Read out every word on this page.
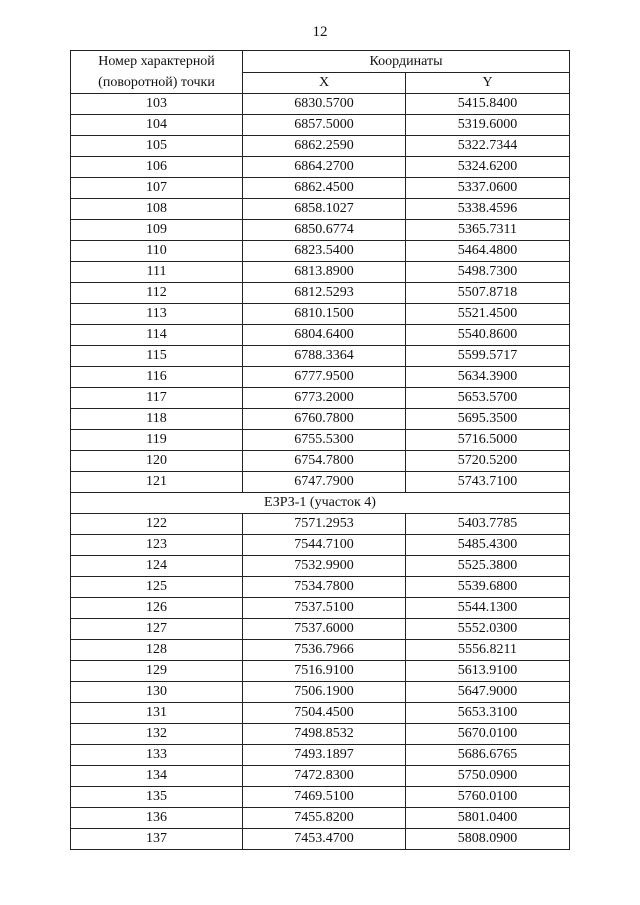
12
Номер характерной
(поворотной) точки	Координаты	
	X	Y
103	6830.5700	5415.8400
104	6857.5000	5319.6000
105	6862.2590	5322.7344
106	6864.2700	5324.6200
107	6862.4500	5337.0600
108	6858.1027	5338.4596
109	6850.6774	5365.7311
110	6823.5400	5464.4800
111	6813.8900	5498.7300
112	6812.5293	5507.8718
113	6810.1500	5521.4500
114	6804.6400	5540.8600
115	6788.3364	5599.5717
116	6777.9500	5634.3900
117	6773.2000	5653.5700
118	6760.7800	5695.3500
119	6755.5300	5716.5000
120	6754.7800	5720.5200
121	6747.7900	5743.7100
ЕЗРЗ-1 (участок 4)		
122	7571.2953	5403.7785
123	7544.7100	5485.4300
124	7532.9900	5525.3800
125	7534.7800	5539.6800
126	7537.5100	5544.1300
127	7537.6000	5552.0300
128	7536.7966	5556.8211
129	7516.9100	5613.9100
130	7506.1900	5647.9000
131	7504.4500	5653.3100
132	7498.8532	5670.0100
133	7493.1897	5686.6765
134	7472.8300	5750.0900
135	7469.5100	5760.0100
136	7455.8200	5801.0400
137	7453.4700	5808.0900
